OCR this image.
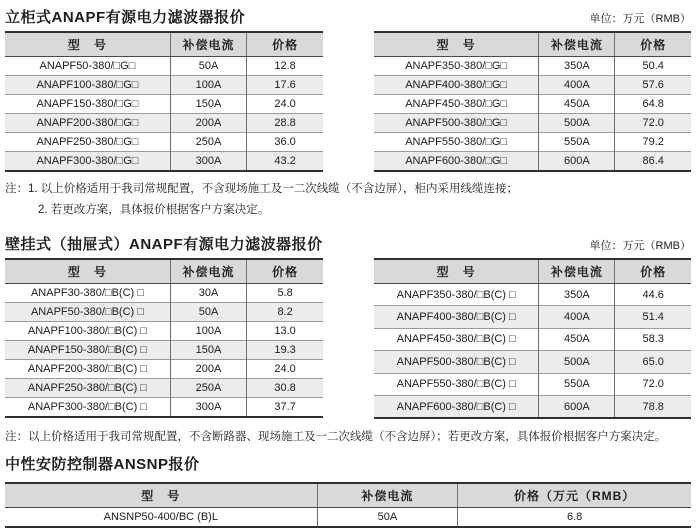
立柜式ANAPF有源电力滤波器报价	单位：万元（RMB）
型　号	补偿电流	价格
ANAPF50-380/□G□	50A	12.8
ANAPF100-380/□G□	100A	17.6
ANAPF150-380/□G□	150A	24.0
ANAPF200-380/□G□	200A	28.8
ANAPF250-380/□G□	250A	36.0
ANAPF300-380/□G□	300A	43.2
型　号	补偿电流	价格
ANAPF350-380/□G□	350A	50.4
ANAPF400-380/□G□	400A	57.6
ANAPF450-380/□G□	450A	64.8
ANAPF500-380/□G□	500A	72.0
ANAPF550-380/□G□	550A	79.2
ANAPF600-380/□G□	600A	86.4
注：1. 以上价格适用于我司常规配置，不含现场施工及一二次线缆（不含边屏），柜内采用线缆连接；
2. 若更改方案，具体报价根据客户方案决定。
壁挂式（抽屉式）ANAPF有源电力滤波器报价	单位：万元（RMB）
型　号	补偿电流	价格
ANAPF30-380/□B(C) □	30A	5.8
ANAPF50-380/□B(C) □	50A	8.2
ANAPF100-380/□B(C) □	100A	13.0
ANAPF150-380/□B(C) □	150A	19.3
ANAPF200-380/□B(C) □	200A	24.0
ANAPF250-380/□B(C) □	250A	30.8
ANAPF300-380/□B(C) □	300A	37.7
型　号	补偿电流	价格
ANAPF350-380/□B(C) □	350A	44.6
ANAPF400-380/□B(C) □	400A	51.4
ANAPF450-380/□B(C) □	450A	58.3
ANAPF500-380/□B(C) □	500A	65.0
ANAPF550-380/□B(C) □	550A	72.0
ANAPF600-380/□B(C) □	600A	78.8
注：以上价格适用于我司常规配置，不含断路器、现场施工及一二次线缆（不含边屏）；若更改方案，具体报价根据客户方案决定。
中性安防控制器ANSNP报价
型　号	补偿电流	价格（万元（RMB）
ANSNP50-400/BC (B)L	50A	6.8
